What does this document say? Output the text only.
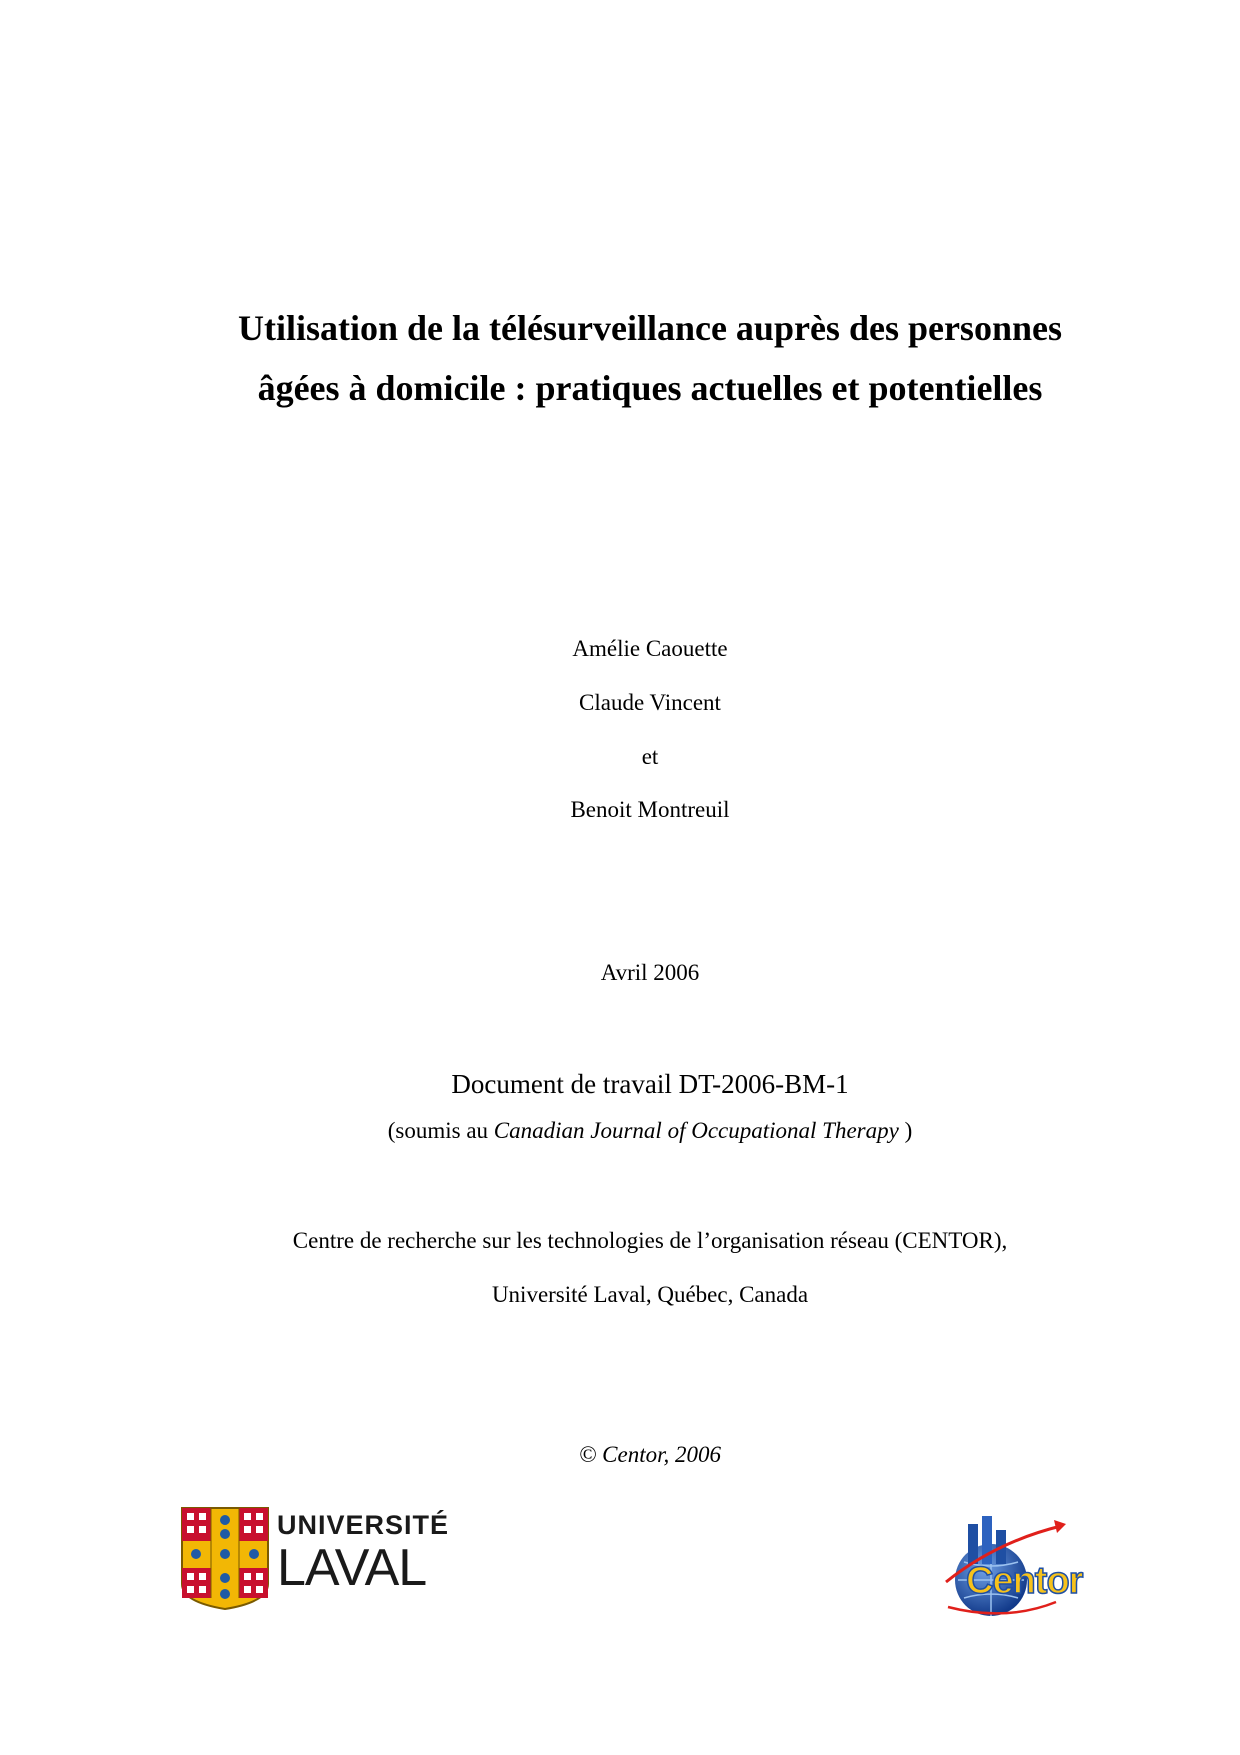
Utilisation de la télésurveillance auprès des personnes
âgées à domicile : pratiques actuelles et potentielles
Amélie Caouette
Claude Vincent
et
Benoit Montreuil
Avril 2006
Document de travail DT-2006-BM-1
(soumis au Canadian Journal of Occupational Therapy )
Centre de recherche sur les technologies de l’organisation réseau (CENTOR),
Université Laval, Québec, Canada
© Centor, 2006
UNIVERSITÉ
LAVAL	Centor
